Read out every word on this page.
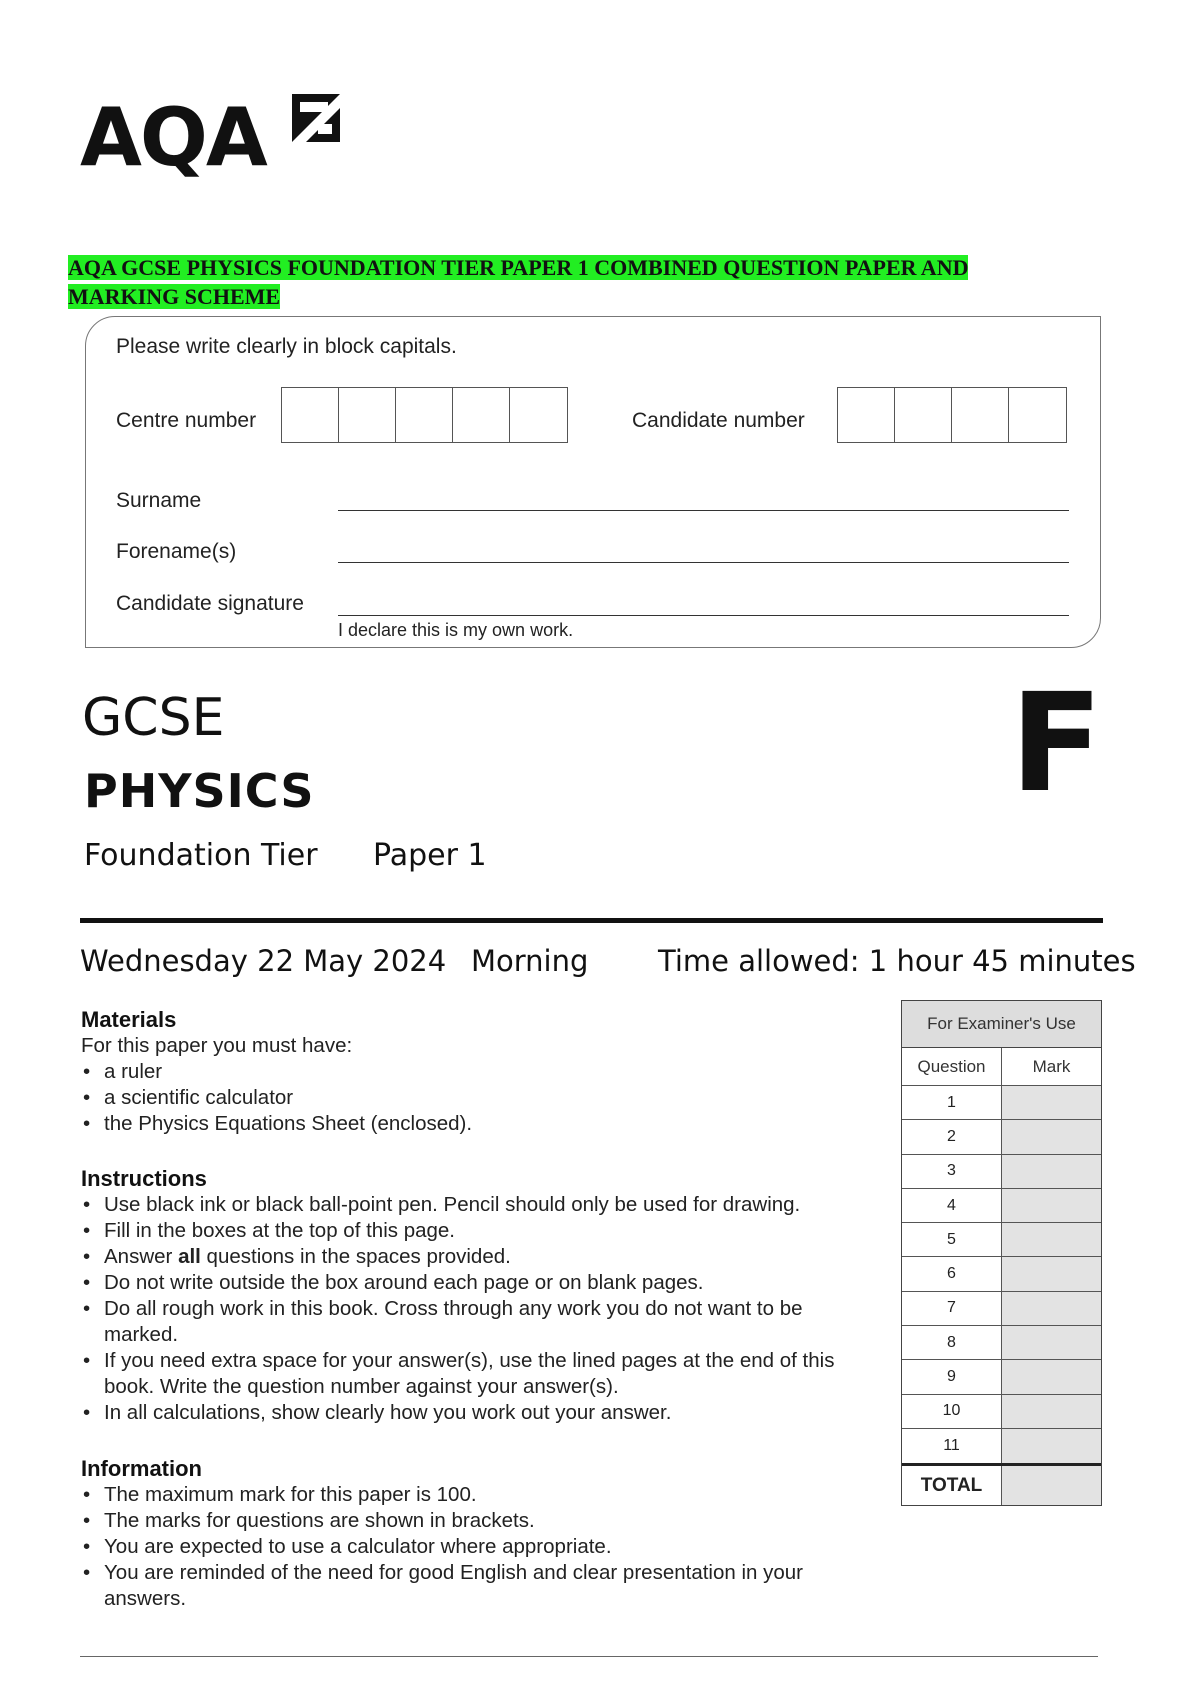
AQA
AQA GCSE PHYSICS FOUNDATION TIER PAPER 1 COMBINED QUESTION PAPER AND MARKING SCHEME
Please write clearly in block capitals.
Centre number	Candidate number
Surname
Forename(s)
Candidate signature
I declare this is my own work.
GCSE
PHYSICS
Foundation Tier Paper 1
F
Wednesday 22 May 2024 Morning Time allowed: 1 hour 45 minutes
Materials
For this paper you must have:
• a ruler
• a scientific calculator
• the Physics Equations Sheet (enclosed).
Instructions
• Use black ink or black ball-point pen. Pencil should only be used for drawing.
• Fill in the boxes at the top of this page.
• Answer all questions in the spaces provided.
• Do not write outside the box around each page or on blank pages.
• Do all rough work in this book. Cross through any work you do not want to be marked.
• If you need extra space for your answer(s), use the lined pages at the end of this book. Write the question number against your answer(s).
• In all calculations, show clearly how you work out your answer.
Information
• The maximum mark for this paper is 100.
• The marks for questions are shown in brackets.
• You are expected to use a calculator where appropriate.
• You are reminded of the need for good English and clear presentation in your answers.
For Examiner's Use
Question	Mark
1
2
3
4
5
6
7
8
9
10
11
TOTAL
